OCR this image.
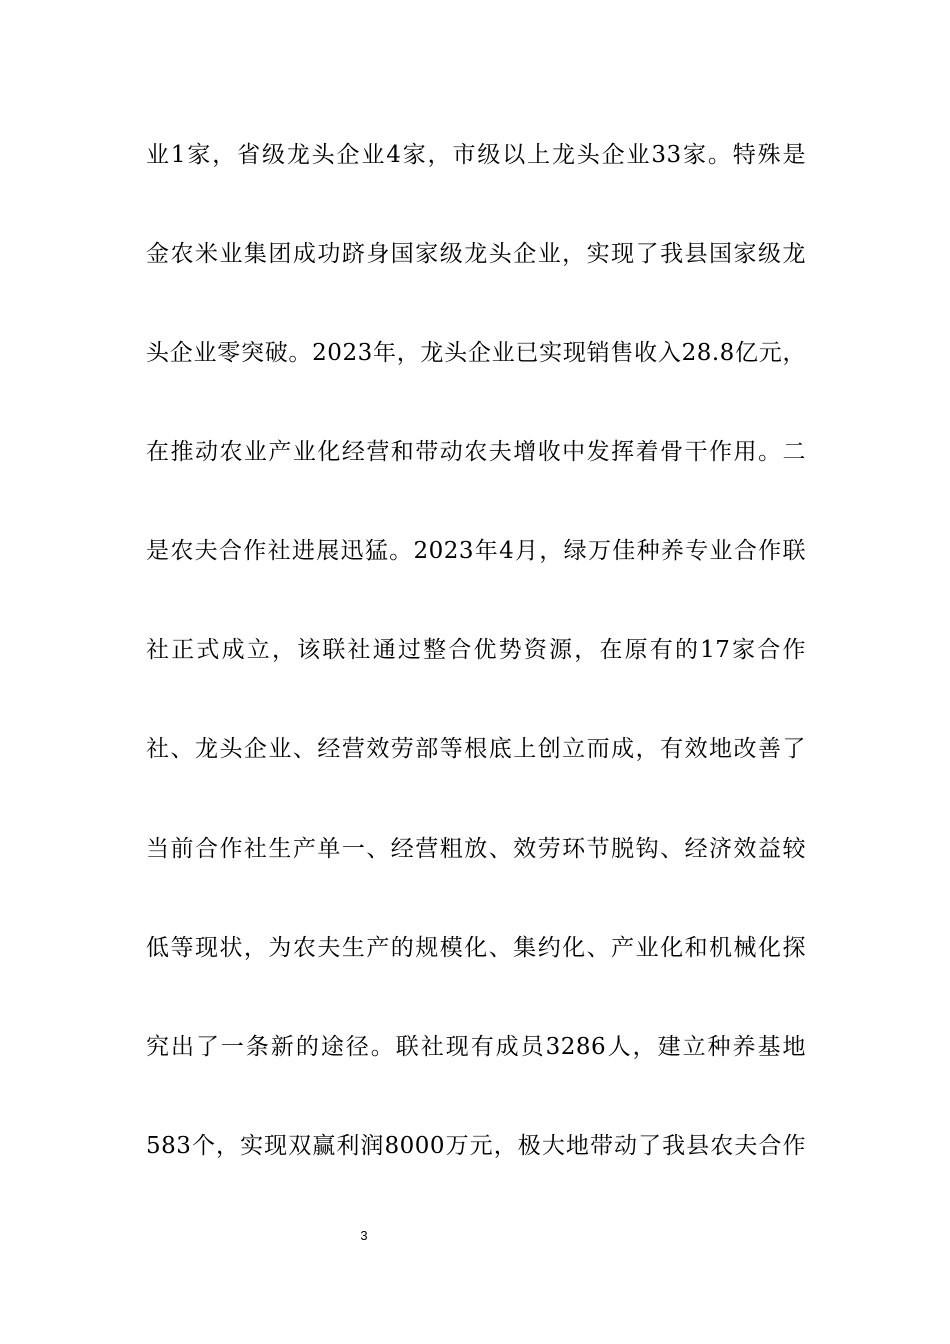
业1家，省级龙头企业4家，市级以上龙头企业33家。特殊是
金农米业集团成功跻身国家级龙头企业，实现了我县国家级龙
头企业零突破。2023年，龙头企业已实现销售收入28.8亿元，
在推动农业产业化经营和带动农夫增收中发挥着骨干作用。二
是农夫合作社进展迅猛。2023年4月，绿万佳种养专业合作联
社正式成立，该联社通过整合优势资源，在原有的17家合作
社、龙头企业、经营效劳部等根底上创立而成，有效地改善了
当前合作社生产单一、经营粗放、效劳环节脱钩、经济效益较
低等现状，为农夫生产的规模化、集约化、产业化和机械化探
究出了一条新的途径。联社现有成员3286人，建立种养基地
583个，实现双赢利润8000万元，极大地带动了我县农夫合作
3
